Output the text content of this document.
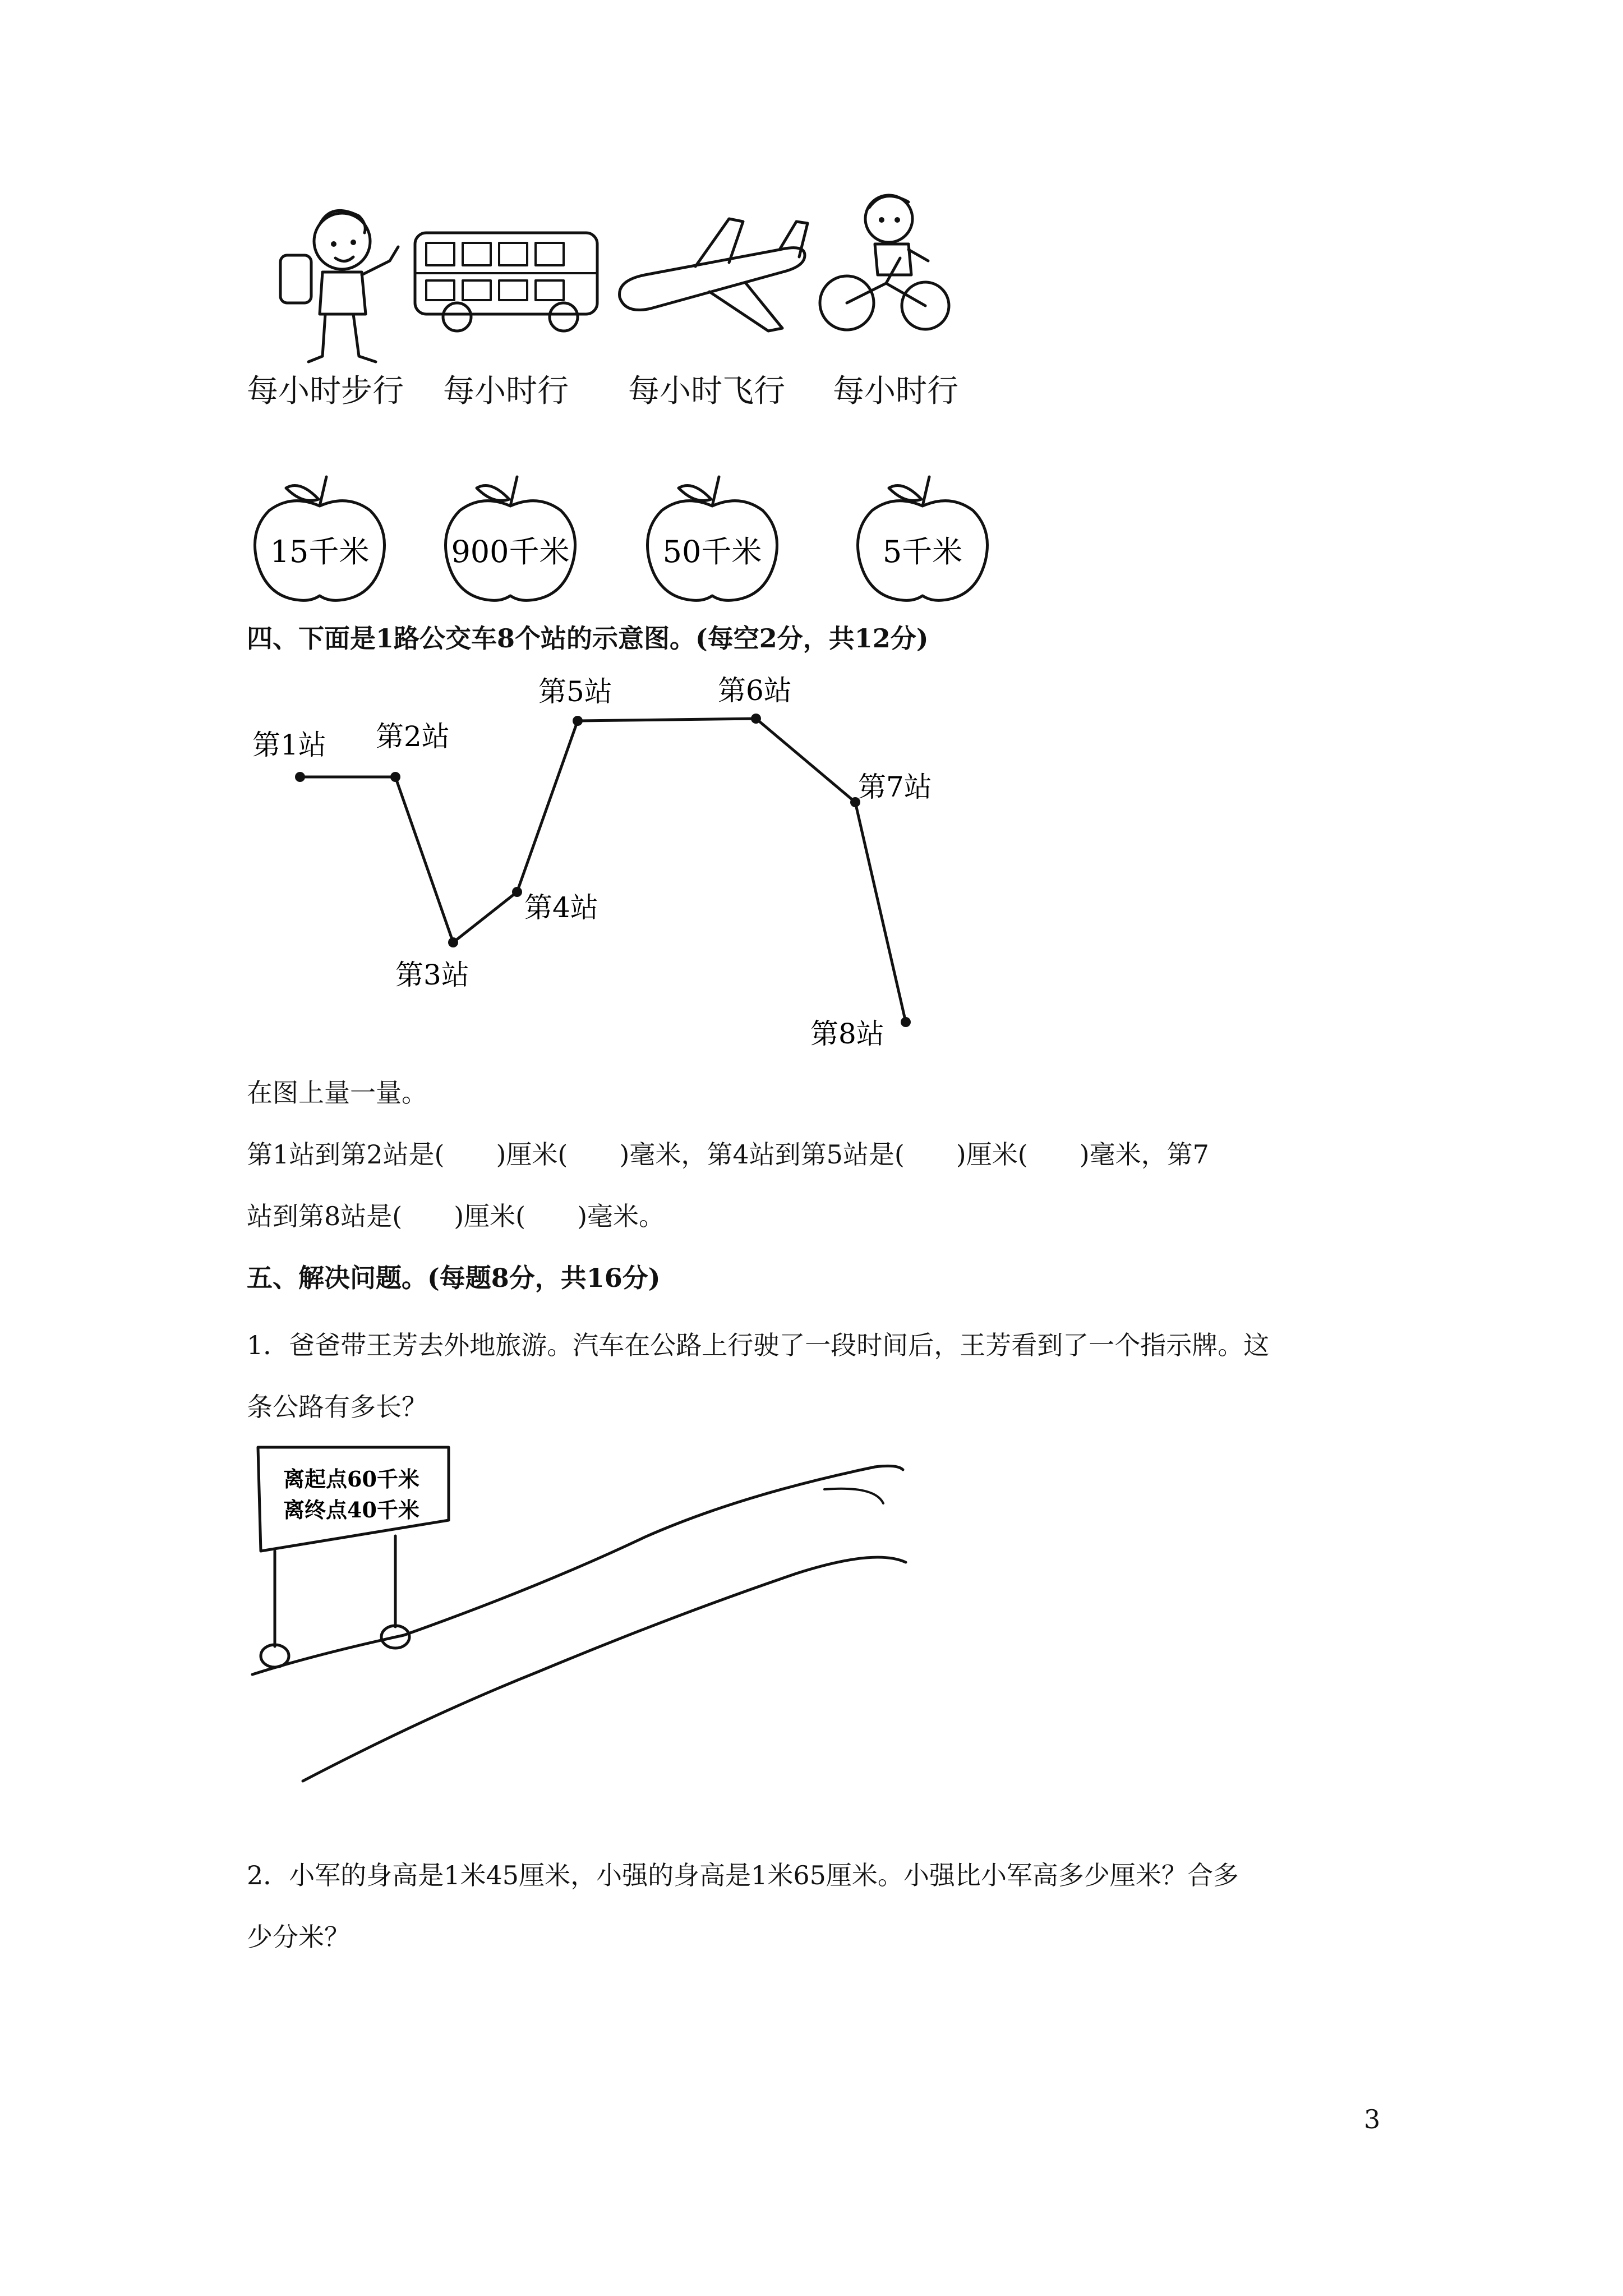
每小时步行 每小时行 每小时飞行 每小时行
15千米	900千米	50千米	5千米
四、下面是1路公交车8个站的示意图。(每空2分，共12分)
第1站 第2站
第3站
第4站
第5站	第6站
第7站
第8站
在图上量一量。
第1站到第2站是(　　)厘米(　　)毫米，第4站到第5站是(　　)厘米(　　)毫米，第7
站到第8站是(　　)厘米(　　)毫米。
五、解决问题。(每题8分，共16分)
1．爸爸带王芳去外地旅游。汽车在公路上行驶了一段时间后，王芳看到了一个指示牌。这
条公路有多长？
离起点60千米
离终点40千米
2．小军的身高是1米45厘米，小强的身高是1米65厘米。小强比小军高多少厘米？合多
少分米？
3
